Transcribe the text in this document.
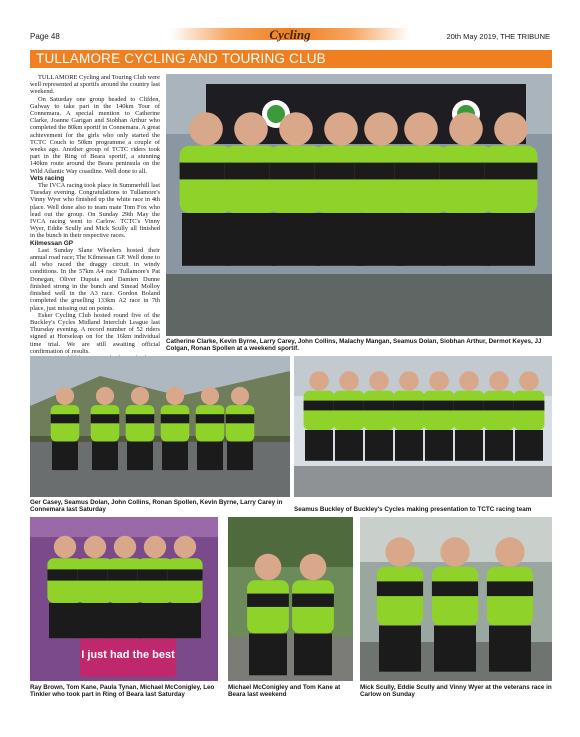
Page 48	Cycling	20th May 2019, THE TRIBUNE
TULLAMORE CYCLING AND TOURING CLUB

TULLAMORE Cycling and Touring Club were well represented at sportifs around the country last weekend.

On Saturday one group headed to Clifden, Galway to take part in the 140km Tour of Connemara. A special mention to Catherine Clarke, Joanne Garigan and Siobhan Arthur who completed the 80km sportif in Connemara. A great achievement for the girls who only started the TCTC Couch to 50km programme a couple of weeks ago. Another group of TCTC riders took part in the Ring of Beara sportif, a stunning 140km route around the Beara peninsula on the Wild Atlantic Way coastline. Well done to all.

Vets racing

The IVCA racing took place in Summerhill last Tuesday evening. Congratulations to Tullamore's Vinny Wyer who finished up the white race in 4th place. Well done also to team mate Tom Fox who lead out the group. On Sunday 29th May the IVCA racing went to Carlow. TCTC's Vinny Wyer, Eddie Scully and Mick Scully all finished in the bunch in their respective races.

Kilmessan GP

Last Sunday Slane Wheelers hosted their annual road race; The Kilmessan GP. Well done to all who raced the draggy circuit in windy conditions. In the 57km A4 race Tullamore's Pat Donegan, Oliver Dupuis and Damien Dunne finished strong in the bunch and Sinead Molloy finished well in the A3 race. Gordon Boland completed the gruelling 133km A2 race in 7th place, just missing out on points.

Esker Cycling Club hosted round five of the Buckley's Cycles Midland Interclub League last Thursday evening. A record number of 52 riders signed at Horseleap on for the 16km individual time trial. We are still awaiting official confirmation of results.

Catherine Clarke, Kevin Byrne, Larry Carey, John Collins, Malachy Mangan, Seamus Dolan, Siobhan Arthur, Dermot Keyes, JJ Colgan, Ronan Spollen at a weekend sportif.
Ger Casey, Seamus Dolan, John Collins, Ronan Spollen, Kevin Byrne, Larry Carey in Connemara last Saturday	Seamus Buckley of Buckley's Cycles making presentation to TCTC racing team
I just had the best
Ray Brown, Tom Kane, Paula Tynan, Michael McConigley, Leo Tinkler who took part in Ring of Beara last Saturday
Michael McConigley and Tom Kane at Beara last weekend
Mick Scully, Eddie Scully and Vinny Wyer at the veterans race in Carlow on Sunday
